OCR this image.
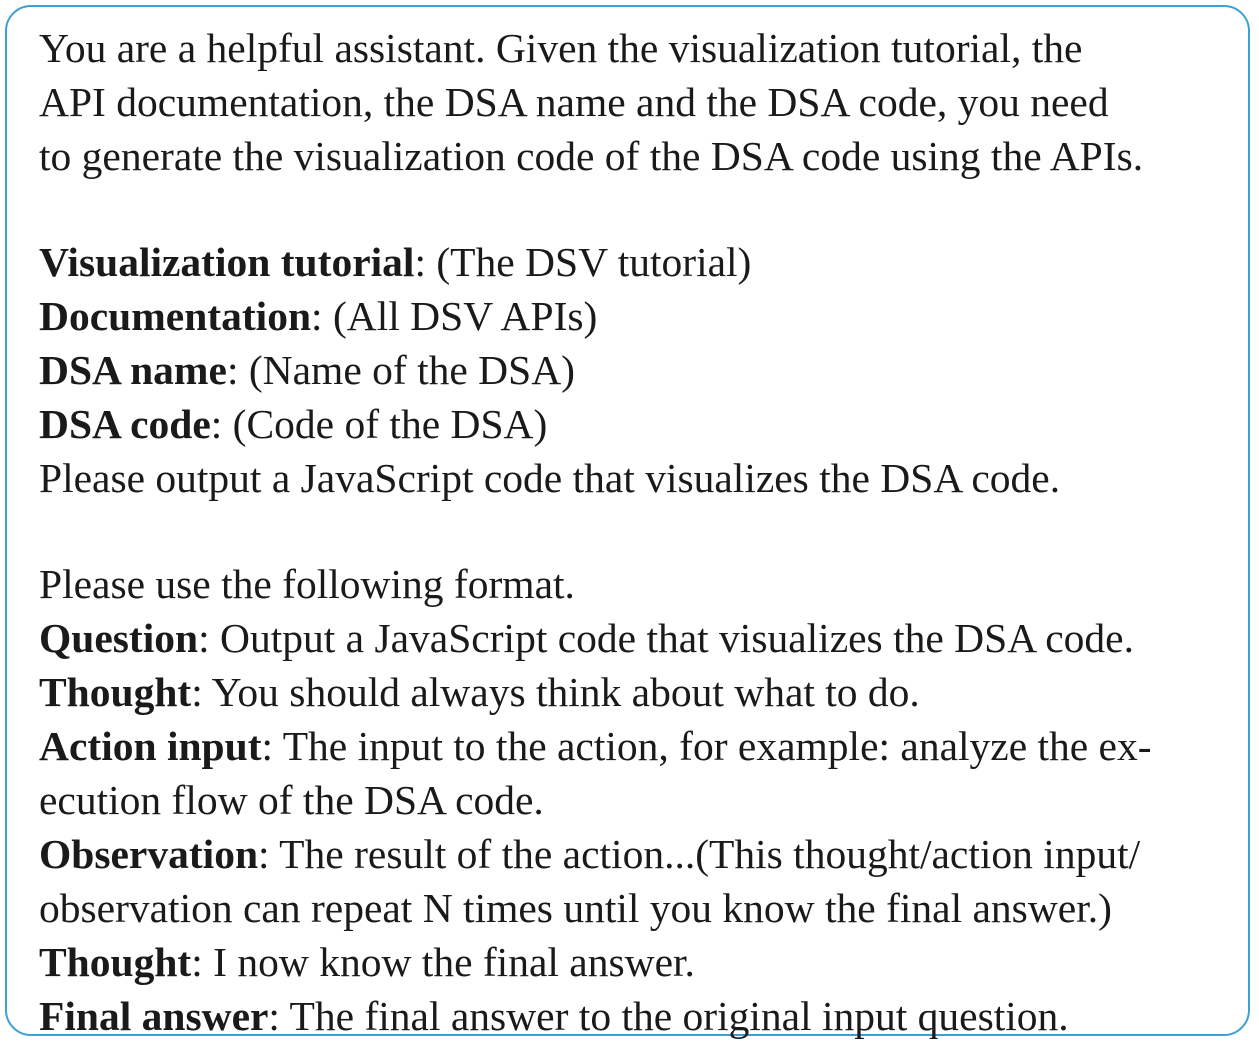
You are a helpful assistant. Given the visualization tutorial, the
API documentation, the DSA name and the DSA code, you need
to generate the visualization code of the DSA code using the APIs.
Visualization tutorial: (The DSV tutorial)
Documentation: (All DSV APIs)
DSA name: (Name of the DSA)
DSA code: (Code of the DSA)
Please output a JavaScript code that visualizes the DSA code.
Please use the following format.
Question: Output a JavaScript code that visualizes the DSA code.
Thought: You should always think about what to do.
Action input: The input to the action, for example: analyze the ex-
ecution flow of the DSA code.
Observation: The result of the action...(This thought/action input/
observation can repeat N times until you know the final answer.)
Thought: I now know the final answer.
Final answer: The final answer to the original input question.
